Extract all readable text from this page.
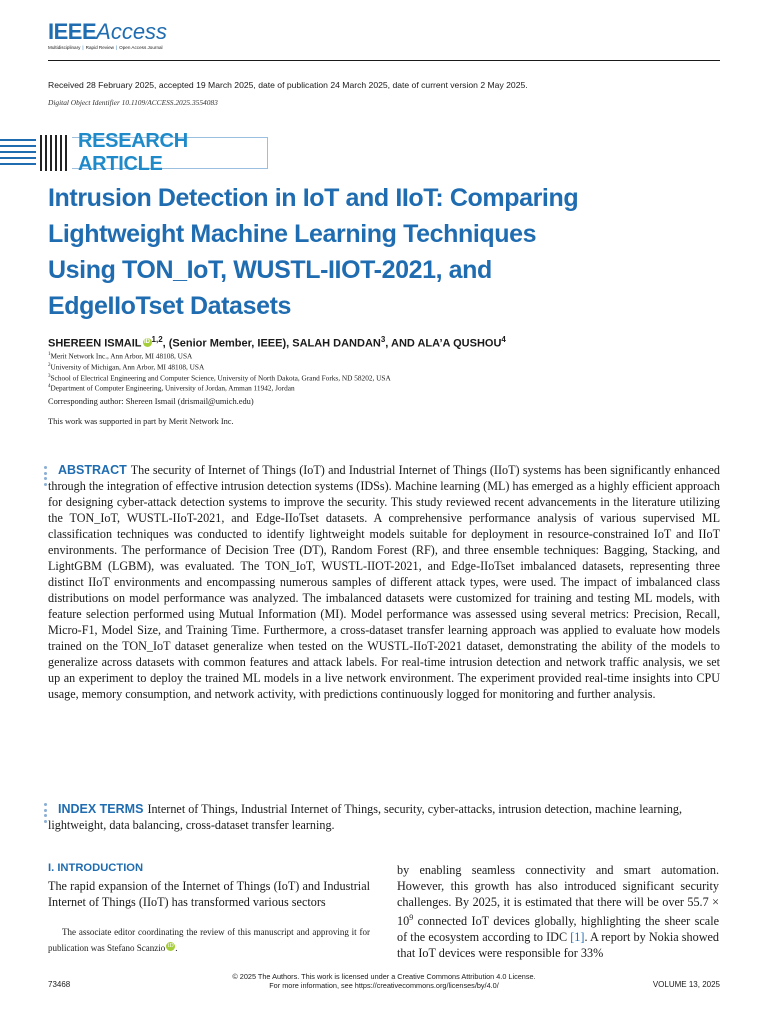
IEEEAccess
Multidisciplinary | Rapid Review | Open Access Journal
Received 28 February 2025, accepted 19 March 2025, date of publication 24 March 2025, date of current version 2 May 2025.
Digital Object Identifier 10.1109/ACCESS.2025.3554083
RESEARCH ARTICLE
Intrusion Detection in IoT and IIoT: Comparing Lightweight Machine Learning Techniques Using TON_IoT, WUSTL-IIOT-2021, and EdgeIIoTset Datasets
SHEREEN ISMAIL iD $^{1,2}$, (Senior Member, IEEE), SALAH DANDAN$^3$, AND ALA’A QUSHOU$^4$
$^1$Merit Network Inc., Ann Arbor, MI 48108, USA
$^2$University of Michigan, Ann Arbor, MI 48108, USA
$^3$School of Electrical Engineering and Computer Science, University of North Dakota, Grand Forks, ND 58202, USA
$^4$Department of Computer Engineering, University of Jordan, Amman 11942, Jordan
Corresponding author: Shereen Ismail (drismail@umich.edu)
This work was supported in part by Merit Network Inc.

ABSTRACT The security of Internet of Things (IoT) and Industrial Internet of Things (IIoT) systems has been significantly enhanced through the integration of effective intrusion detection systems (IDSs). Machine learning (ML) has emerged as a highly efficient approach for designing cyber-attack detection systems to improve the security. This study reviewed recent advancements in the literature utilizing the TON_IoT, WUSTL-IIoT-2021, and Edge-IIoTset datasets. A comprehensive performance analysis of various supervised ML classification techniques was conducted to identify lightweight models suitable for deployment in resource-constrained IoT and IIoT environments. The performance of Decision Tree (DT), Random Forest (RF), and three ensemble techniques: Bagging, Stacking, and LightGBM (LGBM), was evaluated. The TON_IoT, WUSTL-IIOT-2021, and Edge-IIoTset imbalanced datasets, representing three distinct IIoT environments and encompassing numerous samples of different attack types, were used. The impact of imbalanced class distributions on model performance was analyzed. The imbalanced datasets were customized for training and testing ML models, with feature selection performed using Mutual Information (MI). Model performance was assessed using several metrics: Precision, Recall, Micro-F1, Model Size, and Training Time. Furthermore, a cross-dataset transfer learning approach was applied to evaluate how models trained on the TON_IoT dataset generalize when tested on the WUSTL-IIoT-2021 dataset, demonstrating the ability of the models to generalize across datasets with common features and attack labels. For real-time intrusion detection and network traffic analysis, we set up an experiment to deploy the trained ML models in a live network environment. The experiment provided real-time insights into CPU usage, memory consumption, and network activity, with predictions continuously logged for monitoring and further analysis.

INDEX TERMS Internet of Things, Industrial Internet of Things, security, cyber-attacks, intrusion detection, machine learning, lightweight, data balancing, cross-dataset transfer learning.

I. INTRODUCTION

The rapid expansion of the Internet of Things (IoT) and Industrial Internet of Things (IIoT) has transformed various sectors

The associate editor coordinating the review of this manuscript and approving it for publication was Stefano Scanzio iD .

by enabling seamless connectivity and smart automation. However, this growth has also introduced significant security challenges. By 2025, it is estimated that there will be over $55.7 \times 10^9$ connected IoT devices globally, highlighting the sheer scale of the ecosystem according to IDC [1]. A report by Nokia showed that IoT devices were responsible for 33%

© 2025 The Authors. This work is licensed under a Creative Commons Attribution 4.0 License.
For more information, see https://creativecommons.org/licenses/by/4.0/
73468	VOLUME 13, 2025
